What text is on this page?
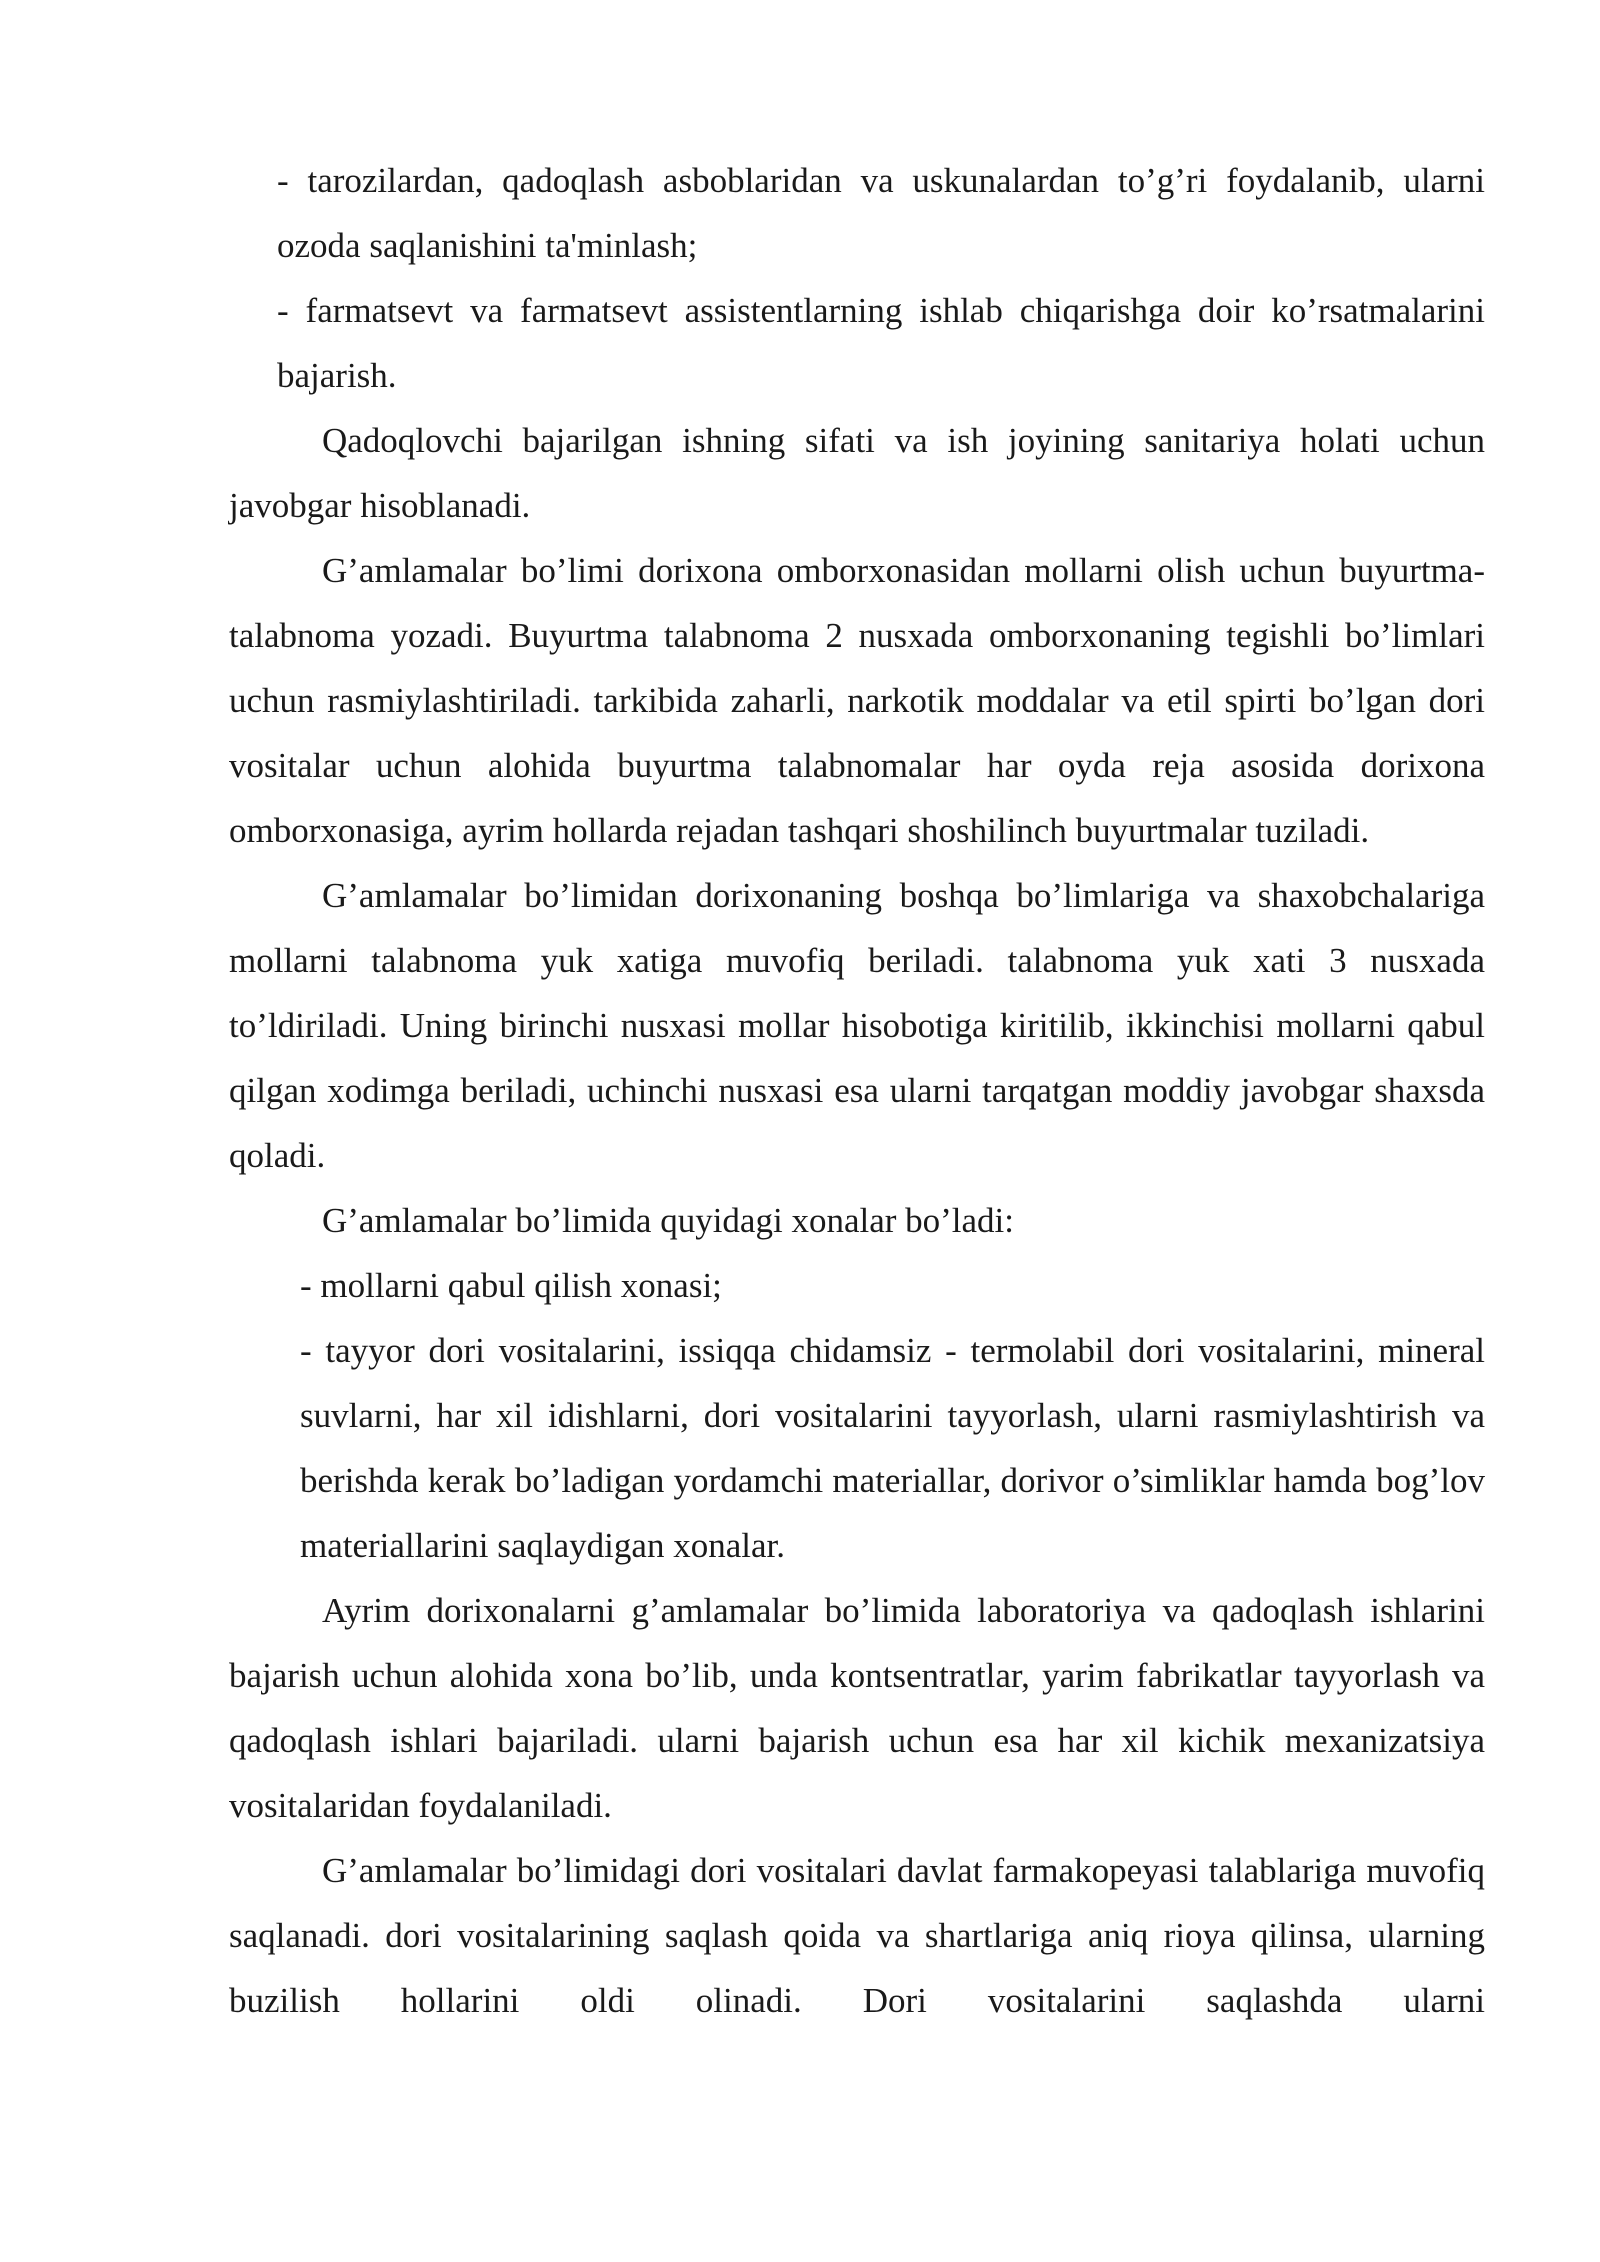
- tarozilardan, qadoqlash asboblaridan va uskunalardan to’g’ri foydalanib, ularni ozoda saqlanishini ta'minlash;

- farmatsevt va farmatsevt assistentlarning ishlab chiqarishga doir ko’rsatmalarini bajarish.

Qadoqlovchi bajarilgan ishning sifati va ish joyining sanitariya holati uchun javobgar hisoblanadi.

G’amlamalar bo’limi dorixona omborxonasidan mollarni olish uchun buyurtma-talabnoma yozadi. Buyurtma talabnoma 2 nusxada omborxonaning tegishli bo’limlari uchun rasmiylashtiriladi. tarkibida zaharli, narkotik moddalar va etil spirti bo’lgan dori vositalar uchun alohida buyurtma talabnomalar har oyda reja asosida dorixona omborxonasiga, ayrim hollarda rejadan tashqari shoshilinch buyurtmalar tuziladi.

G’amlamalar bo’limidan dorixonaning boshqa bo’limlariga va shaxobchalariga mollarni talabnoma yuk xatiga muvofiq beriladi. talabnoma yuk xati 3 nusxada to’ldiriladi. Uning birinchi nusxasi mollar hisobotiga kiritilib, ikkinchisi mollarni qabul qilgan xodimga beriladi, uchinchi nusxasi esa ularni tarqatgan moddiy javobgar shaxsda qoladi.

G’amlamalar bo’limida quyidagi xonalar bo’ladi:

- mollarni qabul qilish xonasi;

- tayyor dori vositalarini, issiqqa chidamsiz - termolabil dori vositalarini, mineral suvlarni, har xil idishlarni, dori vositalarini tayyorlash, ularni rasmiylashtirish va berishda kerak bo’ladigan yordamchi materiallar, dorivor o’simliklar hamda bog’lov materiallarini saqlaydigan xonalar.

Ayrim dorixonalarni g’amlamalar bo’limida laboratoriya va qadoqlash ishlarini bajarish uchun alohida xona bo’lib, unda kontsentratlar, yarim fabrikatlar tayyorlash va qadoqlash ishlari bajariladi. ularni bajarish uchun esa har xil kichik mexanizatsiya vositalaridan foydalaniladi.

G’amlamalar bo’limidagi dori vositalari davlat farmakopeyasi talablariga muvofiq saqlanadi. dori vositalarining saqlash qoida va shartlariga aniq rioya qilinsa, ularning buzilish hollarini oldi olinadi. Dori vositalarini saqlashda ularni
